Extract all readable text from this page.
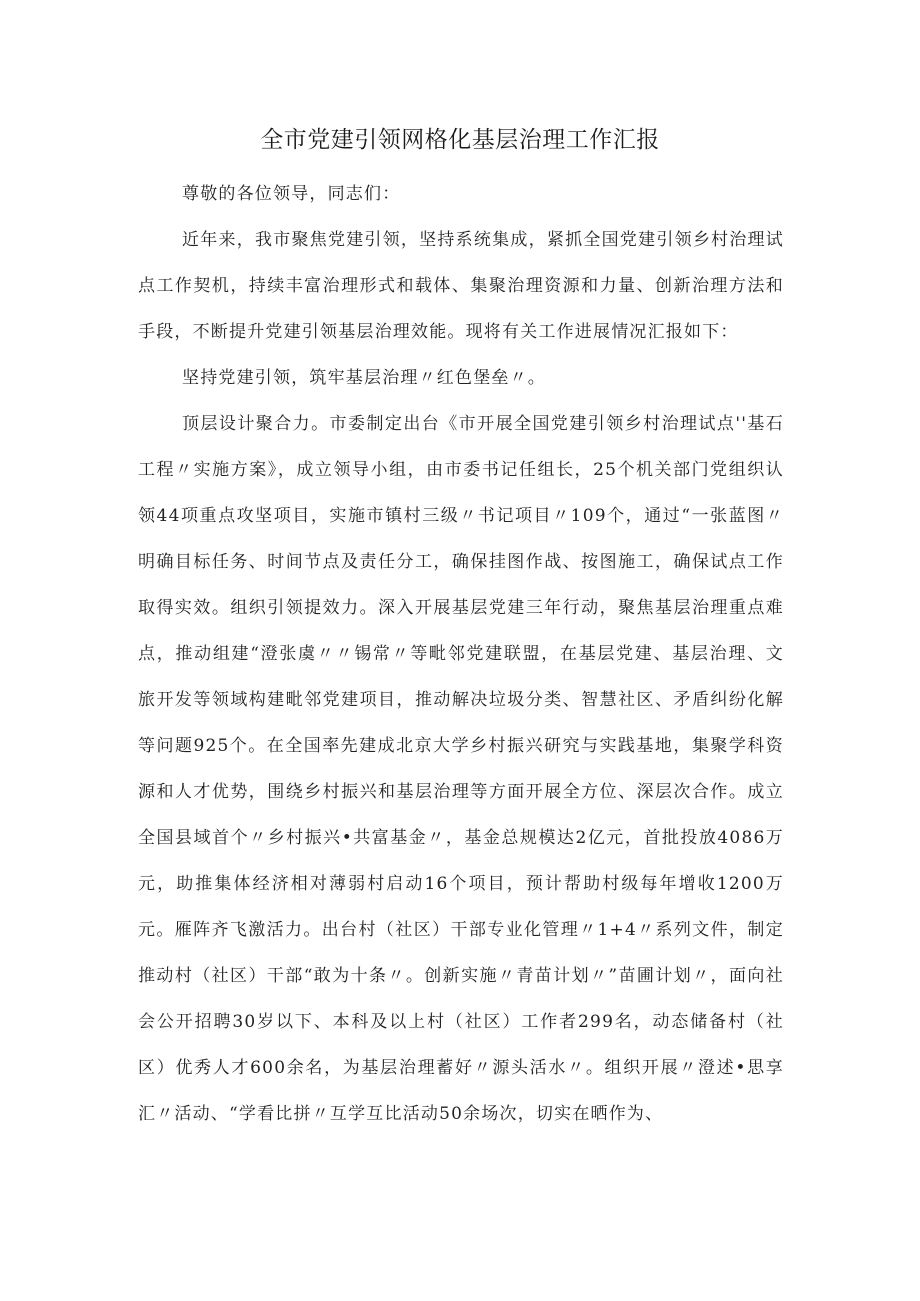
全市党建引领网格化基层治理工作汇报

尊敬的各位领导，同志们：

近年来，我市聚焦党建引领，坚持系统集成，紧抓全国党建引领乡村治理试点工作契机，持续丰富治理形式和载体、集聚治理资源和力量、创新治理方法和手段，不断提升党建引领基层治理效能。现将有关工作进展情况汇报如下：

坚持党建引领，筑牢基层治理〃红色堡垒〃。

顶层设计聚合力。市委制定出台《市开展全国党建引领乡村治理试点''基石工程〃实施方案》，成立领导小组，由市委书记任组长，25个机关部门党组织认领44项重点攻坚项目，实施市镇村三级〃书记项目〃109个，通过“一张蓝图〃明确目标任务、时间节点及责任分工，确保挂图作战、按图施工，确保试点工作取得实效。组织引领提效力。深入开展基层党建三年行动，聚焦基层治理重点难点，推动组建“澄张虞〃〃锡常〃等毗邻党建联盟，在基层党建、基层治理、文旅开发等领域构建毗邻党建项目，推动解决垃圾分类、智慧社区、矛盾纠纷化解等问题925个。在全国率先建成北京大学乡村振兴研究与实践基地，集聚学科资源和人才优势，围绕乡村振兴和基层治理等方面开展全方位、深层次合作。成立全国县域首个〃乡村振兴•共富基金〃，基金总规模达2亿元，首批投放4086万元，助推集体经济相对薄弱村启动16个项目，预计帮助村级每年增收1200万元。雁阵齐飞激活力。出台村（社区）干部专业化管理〃1+4〃系列文件，制定推动村（社区）干部“敢为十条〃。创新实施〃青苗计划〃”苗圃计划〃，面向社会公开招聘30岁以下、本科及以上村（社区）工作者299名，动态储备村（社区）优秀人才600余名，为基层治理蓄好〃源头活水〃。组织开展〃澄述•思享汇〃活动、“学看比拼〃互学互比活动50余场次，切实在晒作为、
